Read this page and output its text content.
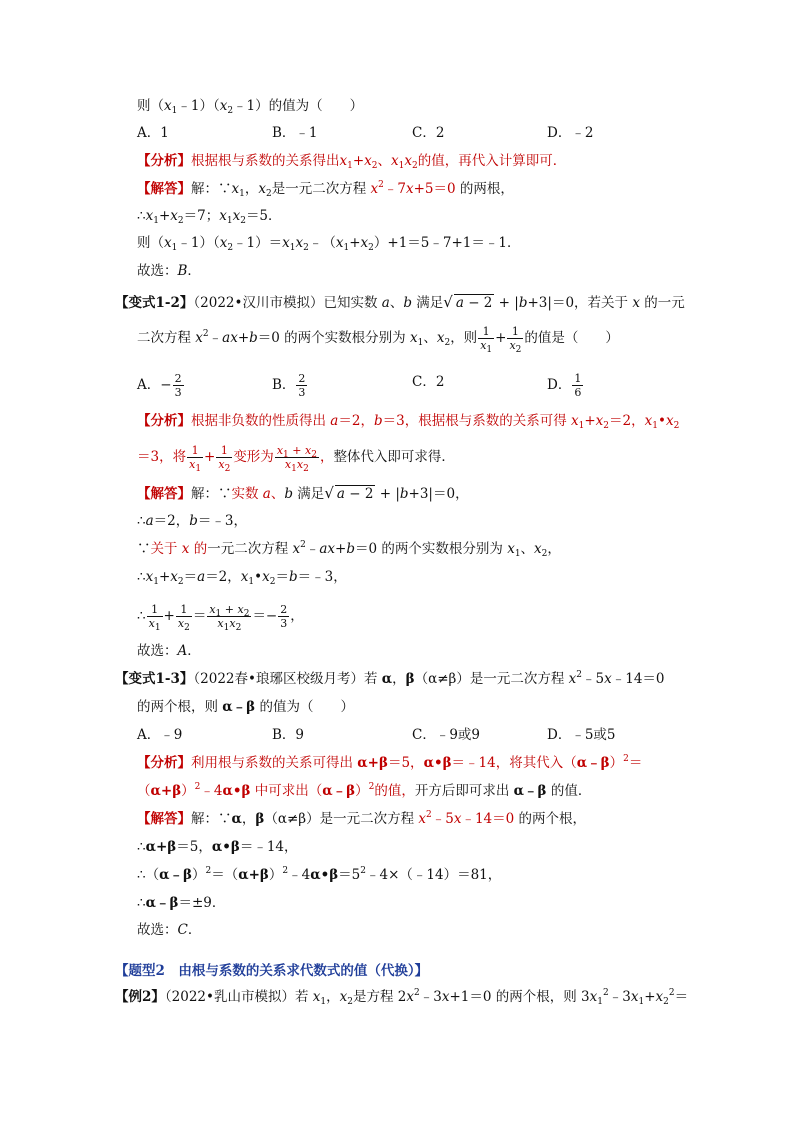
则$(x_1﹣1)(x_2﹣1)$的值为（　　）
A．1	B．﹣1	C．2	D．﹣2
【分析】根据根与系数的关系得出$x_1+x_2$、$x_1x_2$的值，再代入计算即可．
【解答】解：$\because x_1$，$x_2$是一元二次方程 $x^2﹣7x+5=0$ 的两根，
$\therefore x_1+x_2=7$；$x_1x_2=5$．
则$(x_1﹣1)(x_2﹣1)=x_1x_2﹣(x_1+x_2)+1=5﹣7+1=﹣1$．
故选：B．
【变式1-2】（2022•汉川市模拟）已知实数 a、b 满足√ a − 2 + |b+3|＝0，若关于 x 的一元
二次方程 $x^2﹣ax+b=0$ 的两个实数根分别为 $x_1$、$x_2$，则 $\frac{1}{x_1} + \frac{1}{x_2}$ 的值是（　　）
A．− $\frac{2}{3}$	B． $\frac{2}{3}$	C．2	D． $\frac{1}{6}$
【分析】根据非负数的性质得出 a＝2，b＝3，根据根与系数的关系可得 $x_1+x_2=2$，$x_1•x_2$
＝3，将 $\frac{1}{x_1} + \frac{1}{x_2}$ 变形为 $\frac{x_1 + x_2}{x_1x_2}$ ，整体代入即可求得．
【解答】解：∵实数 a、b 满足√ a − 2 + |b+3|＝0，
∴a＝2，b＝﹣3，
∵关于 x 的一元二次方程 $x^2﹣ax+b=0$ 的两个实数根分别为 $x_1$、$x_2$，
$\therefore x_1+x_2=a=2$，$x_1•x_2=b=﹣3$，
∴ $\frac{1}{x_1} + \frac{1}{x_2} = \frac{x_1 + x_2}{x_1x_2} =- \frac{2}{3}$ ，
故选：A．
【变式1-3】（2022春•琅琊区校级月考）若 α，β（α≠β）是一元二次方程 $x^2﹣5x﹣14=0$
的两个根，则 α﹣β 的值为（　　）
A．﹣9	B．9	C．﹣9或9	D．﹣5或5
【分析】利用根与系数的关系可得出 α+β＝5，α•β＝﹣14，将其代入（α﹣β）$^2$＝
$(\alpha+\beta)^2﹣4\alpha•\beta$ 中可求出（α﹣β）$^2$的值，开方后即可求出 α﹣β 的值．
【解答】解：∵α，β（α≠β）是一元二次方程 $x^2﹣5x﹣14=0$ 的两个根，
∴α+β＝5，α•β＝﹣14，
$\therefore(\alpha﹣\beta)^2=(\alpha+\beta)^2﹣4\alpha•\beta=5^2﹣4\times(﹣14)=81$，
∴α﹣β＝±9．
故选：C．
【题型2　由根与系数的关系求代数式的值（代换）】
【例2】（2022•乳山市模拟）若 $x_1$，$x_2$是方程 $2x^2﹣3x+1=0$ 的两个根，则 $3x_1^2﹣3x_1+x_2^2=$
